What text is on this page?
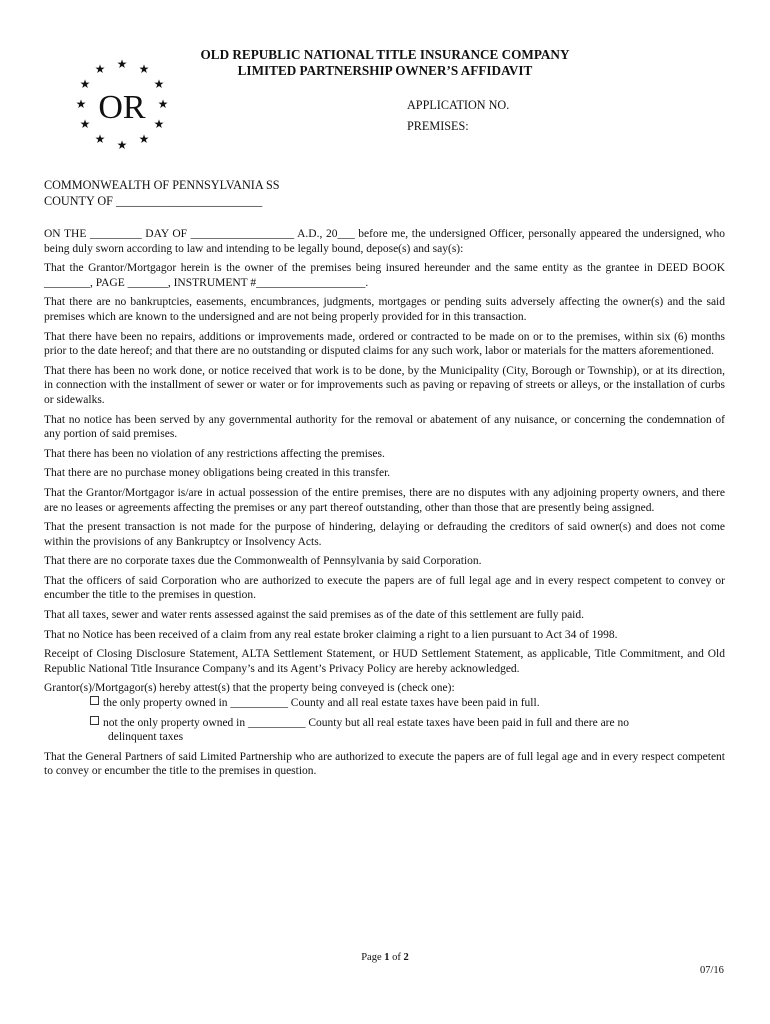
★ ★
★
★
★
★
★
★
★
★
★
★
OR
OLD REPUBLIC NATIONAL TITLE INSURANCE COMPANY
LIMITED PARTNERSHIP OWNER’S AFFIDAVIT
APPLICATION NO.
PREMISES:
COMMONWEALTH OF PENNSYLVANIA SS
COUNTY OF ________________________

ON THE _________ DAY OF __________________ A.D., 20___ before me, the undersigned Officer, personally appeared the undersigned, who being duly sworn according to law and intending to be legally bound, depose(s) and say(s):

That the Grantor/Mortgagor herein is the owner of the premises being insured hereunder and the same entity as the grantee in DEED BOOK ________, PAGE _______, INSTRUMENT #___________________.

That there are no bankruptcies, easements, encumbrances, judgments, mortgages or pending suits adversely affecting the owner(s) and the said premises which are known to the undersigned and are not being properly provided for in this transaction.

That there have been no repairs, additions or improvements made, ordered or contracted to be made on or to the premises, within six (6) months prior to the date hereof; and that there are no outstanding or disputed claims for any such work, labor or materials for the matters aforementioned.

That there has been no work done, or notice received that work is to be done, by the Municipality (City, Borough or Township), or at its direction, in connection with the installment of sewer or water or for improvements such as paving or repaving of streets or alleys, or the installation of curbs or sidewalks.

That no notice has been served by any governmental authority for the removal or abatement of any nuisance, or concerning the condemnation of any portion of said premises.

That there has been no violation of any restrictions affecting the premises.

That there are no purchase money obligations being created in this transfer.

That the Grantor/Mortgagor is/are in actual possession of the entire premises, there are no disputes with any adjoining property owners, and there are no leases or agreements affecting the premises or any part thereof outstanding, other than those that are presently being assigned.

That the present transaction is not made for the purpose of hindering, delaying or defrauding the creditors of said owner(s) and does not come within the provisions of any Bankruptcy or Insolvency Acts.

That there are no corporate taxes due the Commonwealth of Pennsylvania by said Corporation.

That the officers of said Corporation who are authorized to execute the papers are of full legal age and in every respect competent to convey or encumber the title to the premises in question.

That all taxes, sewer and water rents assessed against the said premises as of the date of this settlement are fully paid.

That no Notice has been received of a claim from any real estate broker claiming a right to a lien pursuant to Act 34 of 1998.

Receipt of Closing Disclosure Statement, ALTA Settlement Statement, or HUD Settlement Statement, as applicable, Title Commitment, and Old Republic National Title Insurance Company’s and its Agent’s Privacy Policy are hereby acknowledged.

Grantor(s)/Mortgagor(s) hereby attest(s) that the property being conveyed is (check one):

the only property owned in __________ County and all real estate taxes have been paid in full.

not the only property owned in __________ County but all real estate taxes have been paid in full and there are no

delinquent taxes

That the General Partners of said Limited Partnership who are authorized to execute the papers are of full legal age and in every respect competent to convey or encumber the title to the premises in question.

Page 1 of 2
07/16
